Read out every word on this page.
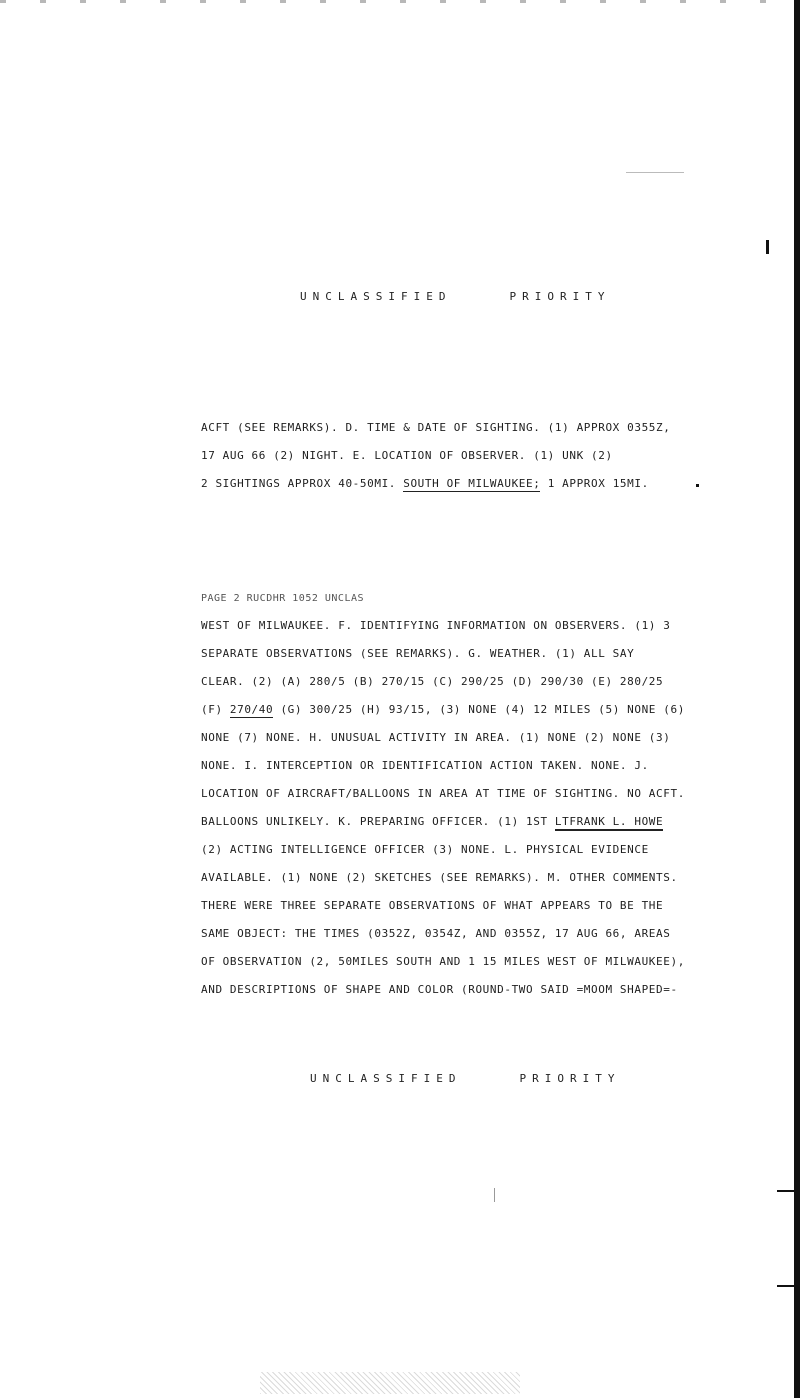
UNCLASSIFIED	PRIORITY
ACFT (SEE REMARKS). D. TIME & DATE OF SIGHTING. (1) APPROX 0355Z,
17 AUG 66 (2) NIGHT. E. LOCATION OF OBSERVER. (1) UNK (2)
2 SIGHTINGS APPROX 40-50MI. SOUTH OF MILWAUKEE; 1 APPROX 15MI.
PAGE 2 RUCDHR 1052 UNCLAS
WEST OF MILWAUKEE. F. IDENTIFYING INFORMATION ON OBSERVERS. (1) 3
SEPARATE OBSERVATIONS (SEE REMARKS). G. WEATHER. (1) ALL SAY
CLEAR. (2) (A) 280/5 (B) 270/15 (C) 290/25 (D) 290/30 (E) 280/25
(F) 270/40 (G) 300/25 (H) 93/15, (3) NONE (4) 12 MILES (5) NONE (6)
NONE (7) NONE. H. UNUSUAL ACTIVITY IN AREA. (1) NONE (2) NONE (3)
NONE. I. INTERCEPTION OR IDENTIFICATION ACTION TAKEN. NONE. J.
LOCATION OF AIRCRAFT/BALLOONS IN AREA AT TIME OF SIGHTING. NO ACFT.
BALLOONS UNLIKELY. K. PREPARING OFFICER. (1) 1ST LTFRANK L. HOWE
(2) ACTING INTELLIGENCE OFFICER (3) NONE. L. PHYSICAL EVIDENCE
AVAILABLE. (1) NONE (2) SKETCHES (SEE REMARKS). M. OTHER COMMENTS.
THERE WERE THREE SEPARATE OBSERVATIONS OF WHAT APPEARS TO BE THE
SAME OBJECT: THE TIMES (0352Z, 0354Z, AND 0355Z, 17 AUG 66, AREAS
OF OBSERVATION (2, 50MILES SOUTH AND 1 15 MILES WEST OF MILWAUKEE),
AND DESCRIPTIONS OF SHAPE AND COLOR (ROUND-TWO SAID =MOOM SHAPED=-
UNCLASSIFIED	PRIORITY
